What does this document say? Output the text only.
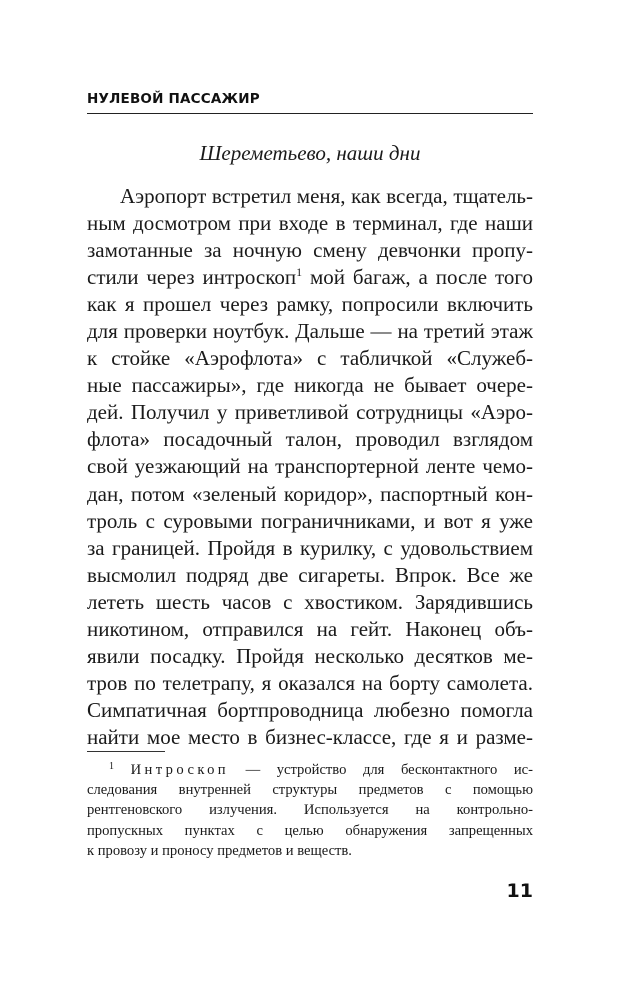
НУЛЕВОЙ ПАССАЖИР
Шереметьево, наши дни
Аэропорт встретил меня, как всегда, тщатель-
ным досмотром при входе в терминал, где наши
замотанные за ночную смену девчонки пропу-
стили через интроскоп$^1$ мой багаж, а после того
как я прошел через рамку, попросили включить
для проверки ноутбук. Дальше — на третий этаж
к стойке «Аэрофлота» с табличкой «Служеб-
ные пассажиры», где никогда не бывает очере-
дей. Получил у приветливой сотрудницы «Аэро-
флота» посадочный талон, проводил взглядом
свой уезжающий на транспортерной ленте чемо-
дан, потом «зеленый коридор», паспортный кон-
троль с суровыми пограничниками, и вот я уже
за границей. Пройдя в курилку, с удовольствием
высмолил подряд две сигареты. Впрок. Все же
лететь шесть часов с хвостиком. Зарядившись
никотином, отправился на гейт. Наконец объ-
явили посадку. Пройдя несколько десятков ме-
тров по телетрапу, я оказался на борту самолета.
Симпатичная бортпроводница любезно помогла
найти мое место в бизнес-классе, где я и разме-
$^1$ Интроскоп — устройство для бесконтактного ис-
следования внутренней структуры предметов с помощью
рентгеновского излучения. Используется на контрольно-
пропускных пунктах с целью обнаружения запрещенных
к провозу и проносу предметов и веществ.
11
